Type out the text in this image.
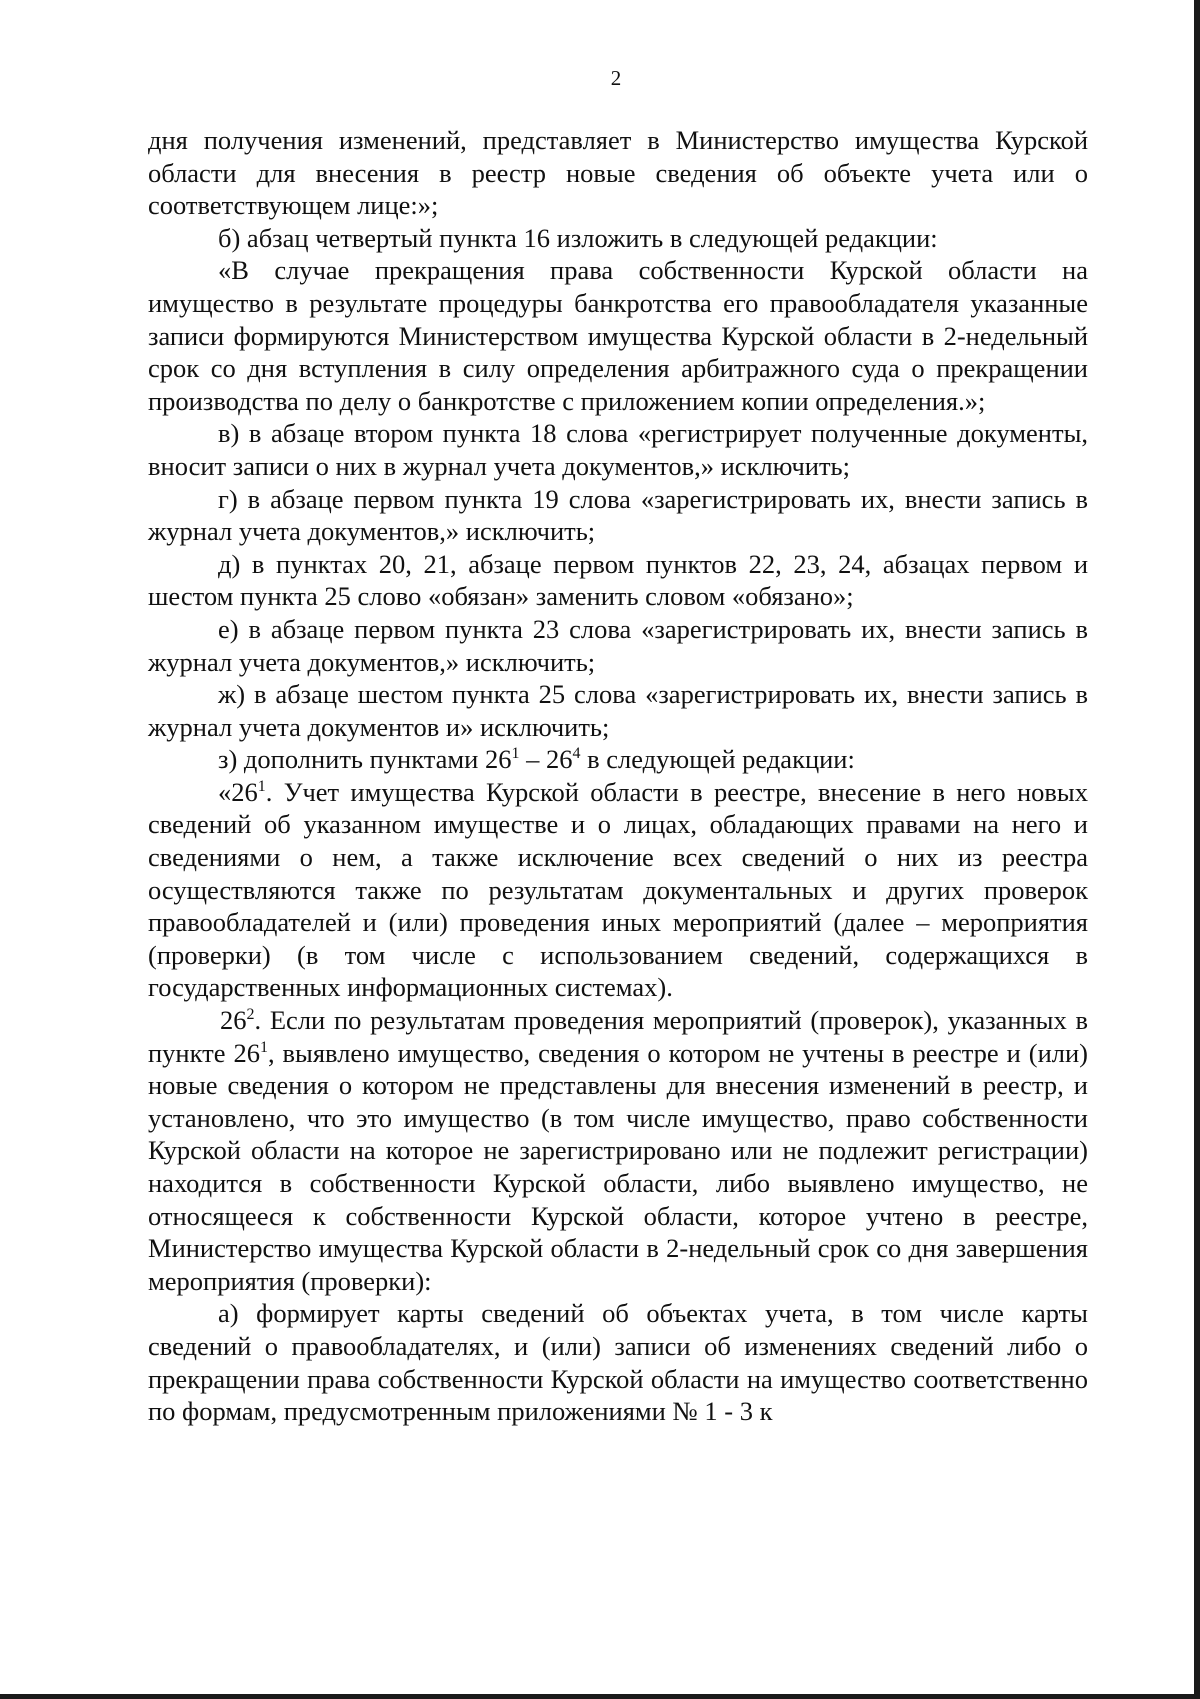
2

дня получения изменений, представляет в Министерство имущества Курской области для внесения в реестр новые сведения об объекте учета или о соответствующем лице:»;

б) абзац четвертый пункта 16 изложить в следующей редакции:

«В случае прекращения права собственности Курской области на имущество в результате процедуры банкротства его правообладателя указанные записи формируются Министерством имущества Курской области в 2-недельный срок со дня вступления в силу определения арбитражного суда о прекращении производства по делу о банкротстве с приложением копии определения.»;

в) в абзаце втором пункта 18 слова «регистрирует полученные документы, вносит записи о них в журнал учета документов,» исключить;

г) в абзаце первом пункта 19 слова «зарегистрировать их, внести запись в журнал учета документов,» исключить;

д) в пунктах 20, 21, абзаце первом пунктов 22, 23, 24, абзацах первом и шестом пункта 25 слово «обязан» заменить словом «обязано»;

е) в абзаце первом пункта 23 слова «зарегистрировать их, внести запись в журнал учета документов,» исключить;

ж) в абзаце шестом пункта 25 слова «зарегистрировать их, внести запись в журнал учета документов и» исключить;

з) дополнить пунктами $26^1 - 26^4$ в следующей редакции:

«$26^1$. Учет имущества Курской области в реестре, внесение в него новых сведений об указанном имуществе и о лицах, обладающих правами на него и сведениями о нем, а также исключение всех сведений о них из реестра осуществляются также по результатам документальных и других проверок правообладателей и (или) проведения иных мероприятий (далее – мероприятия (проверки) (в том числе с использованием сведений, содержащихся в государственных информационных системах).

$26^2$. Если по результатам проведения мероприятий (проверок), указанных в пункте $26^1$, выявлено имущество, сведения о котором не учтены в реестре и (или) новые сведения о котором не представлены для внесения изменений в реестр, и установлено, что это имущество (в том числе имущество, право собственности Курской области на которое не зарегистрировано или не подлежит регистрации) находится в собственности Курской области, либо выявлено имущество, не относящееся к собственности Курской области, которое учтено в реестре, Министерство имущества Курской области в 2-недельный срок со дня завершения мероприятия (проверки):

а) формирует карты сведений об объектах учета, в том числе карты сведений о правообладателях, и (или) записи об изменениях сведений либо о прекращении права собственности Курской области на имущество соответственно по формам, предусмотренным приложениями № 1 - 3 к
